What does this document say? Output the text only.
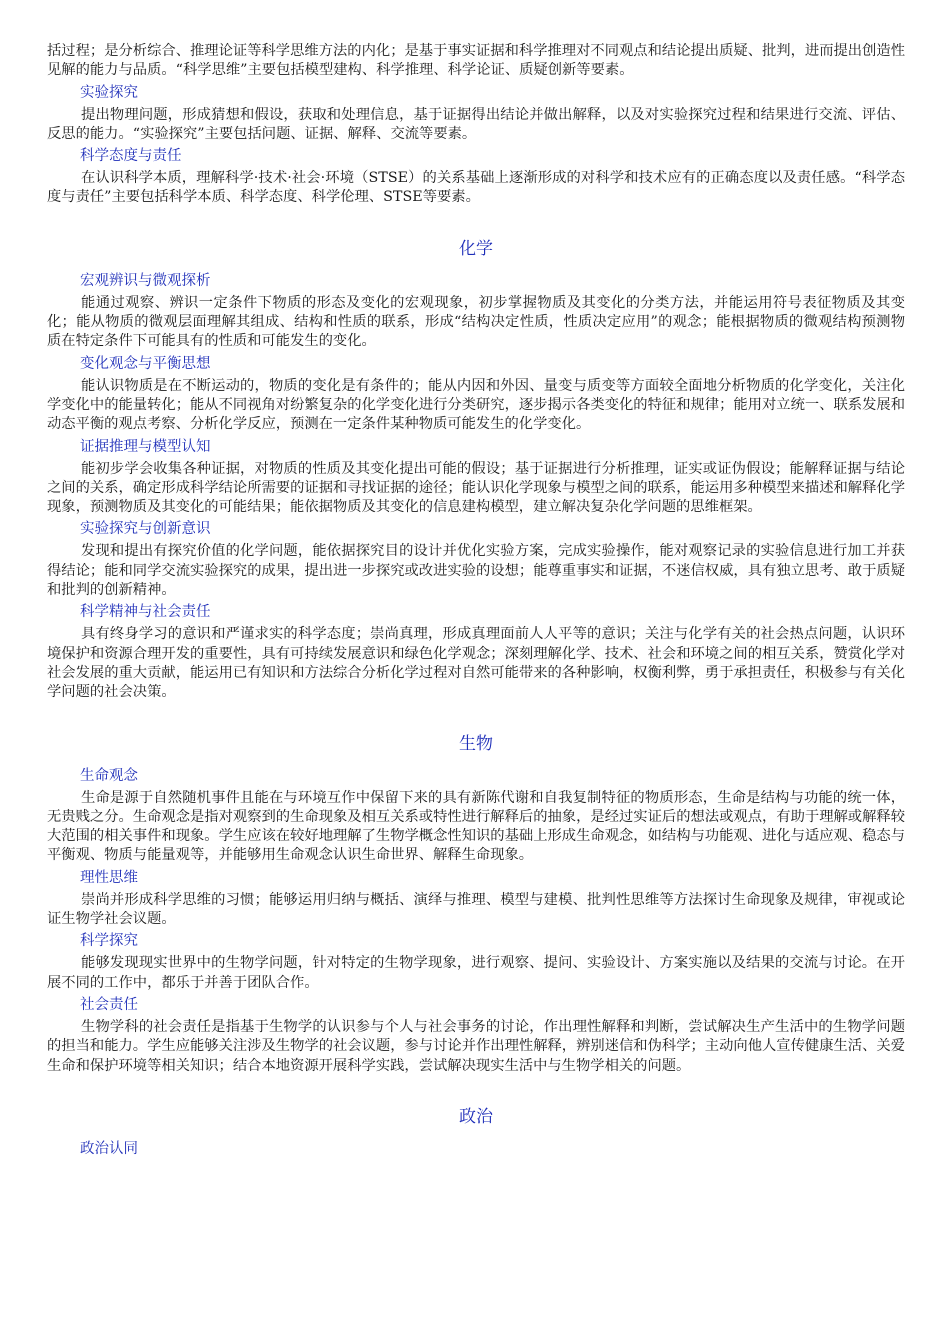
括过程；是分析综合、推理论证等科学思维方法的内化；是基于事实证据和科学推理对不同观点和结论提出质疑、批判，进而提出创造性见解的能力与品质。“科学思维”主要包括模型建构、科学推理、科学论证、质疑创新等要素。

实验探究

提出物理问题，形成猜想和假设，获取和处理信息，基于证据得出结论并做出解释，以及对实验探究过程和结果进行交流、评估、反思的能力。“实验探究”主要包括问题、证据、解释、交流等要素。

科学态度与责任

在认识科学本质，理解科学·技术·社会·环境（STSE）的关系基础上逐渐形成的对科学和技术应有的正确态度以及责任感。“科学态度与责任”主要包括科学本质、科学态度、科学伦理、STSE等要素。

化学
宏观辨识与微观探析

能通过观察、辨识一定条件下物质的形态及变化的宏观现象，初步掌握物质及其变化的分类方法，并能运用符号表征物质及其变化；能从物质的微观层面理解其组成、结构和性质的联系，形成“结构决定性质，性质决定应用”的观念；能根据物质的微观结构预测物质在特定条件下可能具有的性质和可能发生的变化。

变化观念与平衡思想

能认识物质是在不断运动的，物质的变化是有条件的；能从内因和外因、量变与质变等方面较全面地分析物质的化学变化，关注化学变化中的能量转化；能从不同视角对纷繁复杂的化学变化进行分类研究，逐步揭示各类变化的特征和规律；能用对立统一、联系发展和动态平衡的观点考察、分析化学反应，预测在一定条件某种物质可能发生的化学变化。

证据推理与模型认知

能初步学会收集各种证据，对物质的性质及其变化提出可能的假设；基于证据进行分析推理，证实或证伪假设；能解释证据与结论之间的关系，确定形成科学结论所需要的证据和寻找证据的途径；能认识化学现象与模型之间的联系，能运用多种模型来描述和解释化学现象，预测物质及其变化的可能结果；能依据物质及其变化的信息建构模型，建立解决复杂化学问题的思维框架。

实验探究与创新意识

发现和提出有探究价值的化学问题，能依据探究目的设计并优化实验方案，完成实验操作，能对观察记录的实验信息进行加工并获得结论；能和同学交流实验探究的成果，提出进一步探究或改进实验的设想；能尊重事实和证据，不迷信权威，具有独立思考、敢于质疑和批判的创新精神。

科学精神与社会责任

具有终身学习的意识和严谨求实的科学态度；崇尚真理，形成真理面前人人平等的意识；关注与化学有关的社会热点问题，认识环境保护和资源合理开发的重要性，具有可持续发展意识和绿色化学观念；深刻理解化学、技术、社会和环境之间的相互关系，赞赏化学对社会发展的重大贡献，能运用已有知识和方法综合分析化学过程对自然可能带来的各种影响，权衡利弊，勇于承担责任，积极参与有关化学问题的社会决策。

生物
生命观念

生命是源于自然随机事件且能在与环境互作中保留下来的具有新陈代谢和自我复制特征的物质形态，生命是结构与功能的统一体，无贵贱之分。生命观念是指对观察到的生命现象及相互关系或特性进行解释后的抽象，是经过实证后的想法或观点，有助于理解或解释较大范围的相关事件和现象。学生应该在较好地理解了生物学概念性知识的基础上形成生命观念，如结构与功能观、进化与适应观、稳态与平衡观、物质与能量观等，并能够用生命观念认识生命世界、解释生命现象。

理性思维

崇尚并形成科学思维的习惯；能够运用归纳与概括、演绎与推理、模型与建模、批判性思维等方法探讨生命现象及规律，审视或论证生物学社会议题。

科学探究

能够发现现实世界中的生物学问题，针对特定的生物学现象，进行观察、提问、实验设计、方案实施以及结果的交流与讨论。在开展不同的工作中，都乐于并善于团队合作。

社会责任

生物学科的社会责任是指基于生物学的认识参与个人与社会事务的讨论，作出理性解释和判断，尝试解决生产生活中的生物学问题的担当和能力。学生应能够关注涉及生物学的社会议题，参与讨论并作出理性解释，辨别迷信和伪科学；主动向他人宣传健康生活、关爱生命和保护环境等相关知识；结合本地资源开展科学实践，尝试解决现实生活中与生物学相关的问题。

政治
政治认同
